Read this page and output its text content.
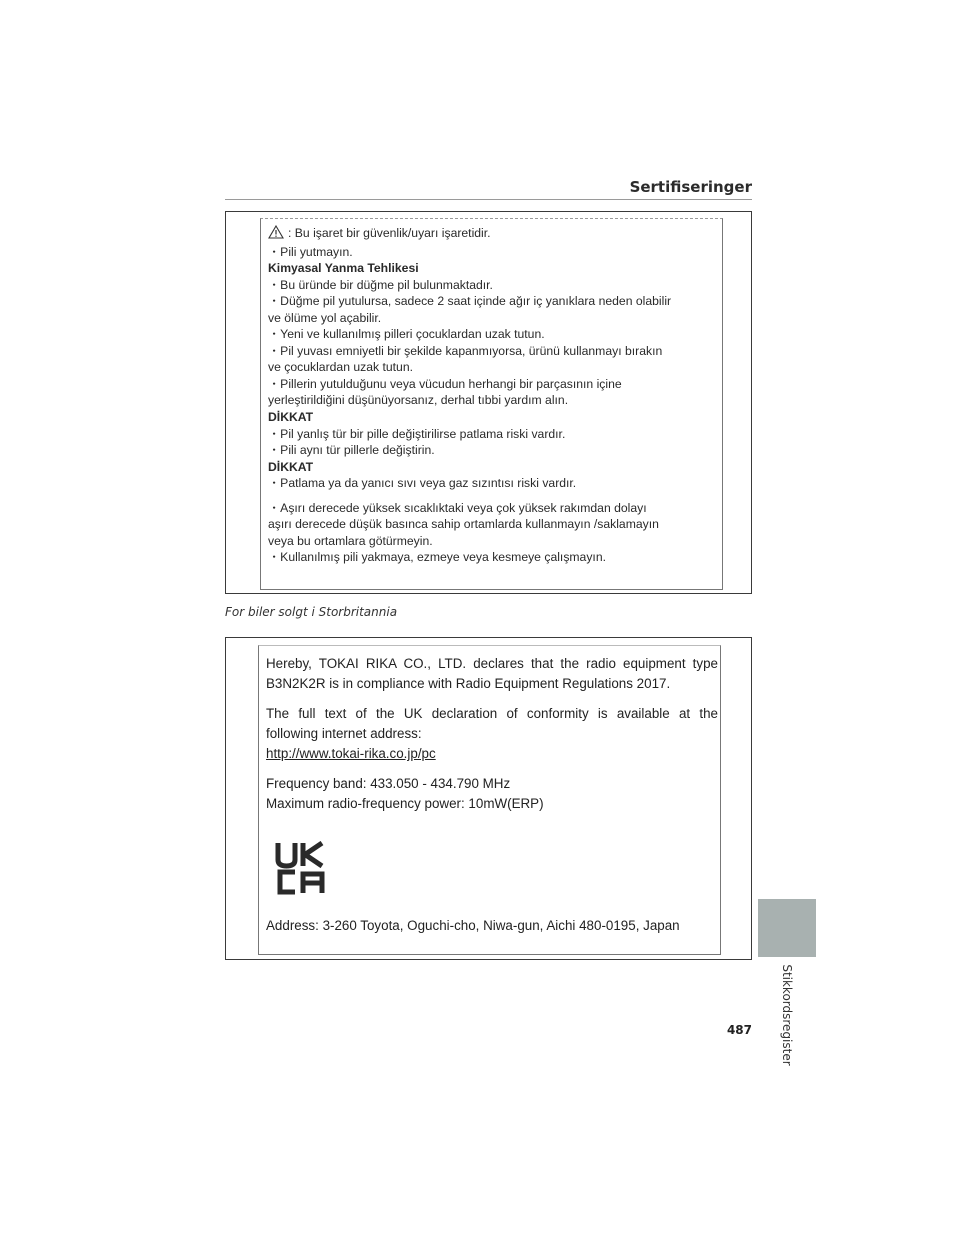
Sertifiseringer
: Bu işaret bir güvenlik/uyarı işaretidir.
・Pili yutmayın.
Kimyasal Yanma Tehlikesi
・Bu üründe bir düğme pil bulunmaktadır.
・Düğme pil yutulursa, sadece 2 saat içinde ağır iç yanıklara neden olabilir
ve ölüme yol açabilir.
・Yeni ve kullanılmış pilleri çocuklardan uzak tutun.
・Pil yuvası emniyetli bir şekilde kapanmıyorsa, ürünü kullanmayı bırakın
ve çocuklardan uzak tutun.
・Pillerin yutulduğunu veya vücudun herhangi bir parçasının içine
yerleştirildiğini düşünüyorsanız, derhal tıbbi yardım alın.
DİKKAT
・Pil yanlış tür bir pille değiştirilirse patlama riski vardır.
・Pili aynı tür pillerle değiştirin.
DİKKAT
・Patlama ya da yanıcı sıvı veya gaz sızıntısı riski vardır.
・Aşırı derecede yüksek sıcaklıktaki veya çok yüksek rakımdan dolayı
aşırı derecede düşük basınca sahip ortamlarda kullanmayın /saklamayın
veya bu ortamlara götürmeyin.
・Kullanılmış pili yakmaya, ezmeye veya kesmeye çalışmayın.
For biler solgt i Storbritannia
Hereby, TOKAI RIKA CO., LTD. declares that the radio equipment type
B3N2K2R is in compliance with Radio Equipment Regulations 2017.
The full text of the UK declaration of conformity is available at the
following internet address:
http://www.tokai-rika.co.jp/pc
Frequency band: 433.050 - 434.790 MHz
Maximum radio-frequency power: 10mW(ERP)
Address: 3-260 Toyota, Oguchi-cho, Niwa-gun, Aichi 480-0195, Japan
Stikkordsregister
487
